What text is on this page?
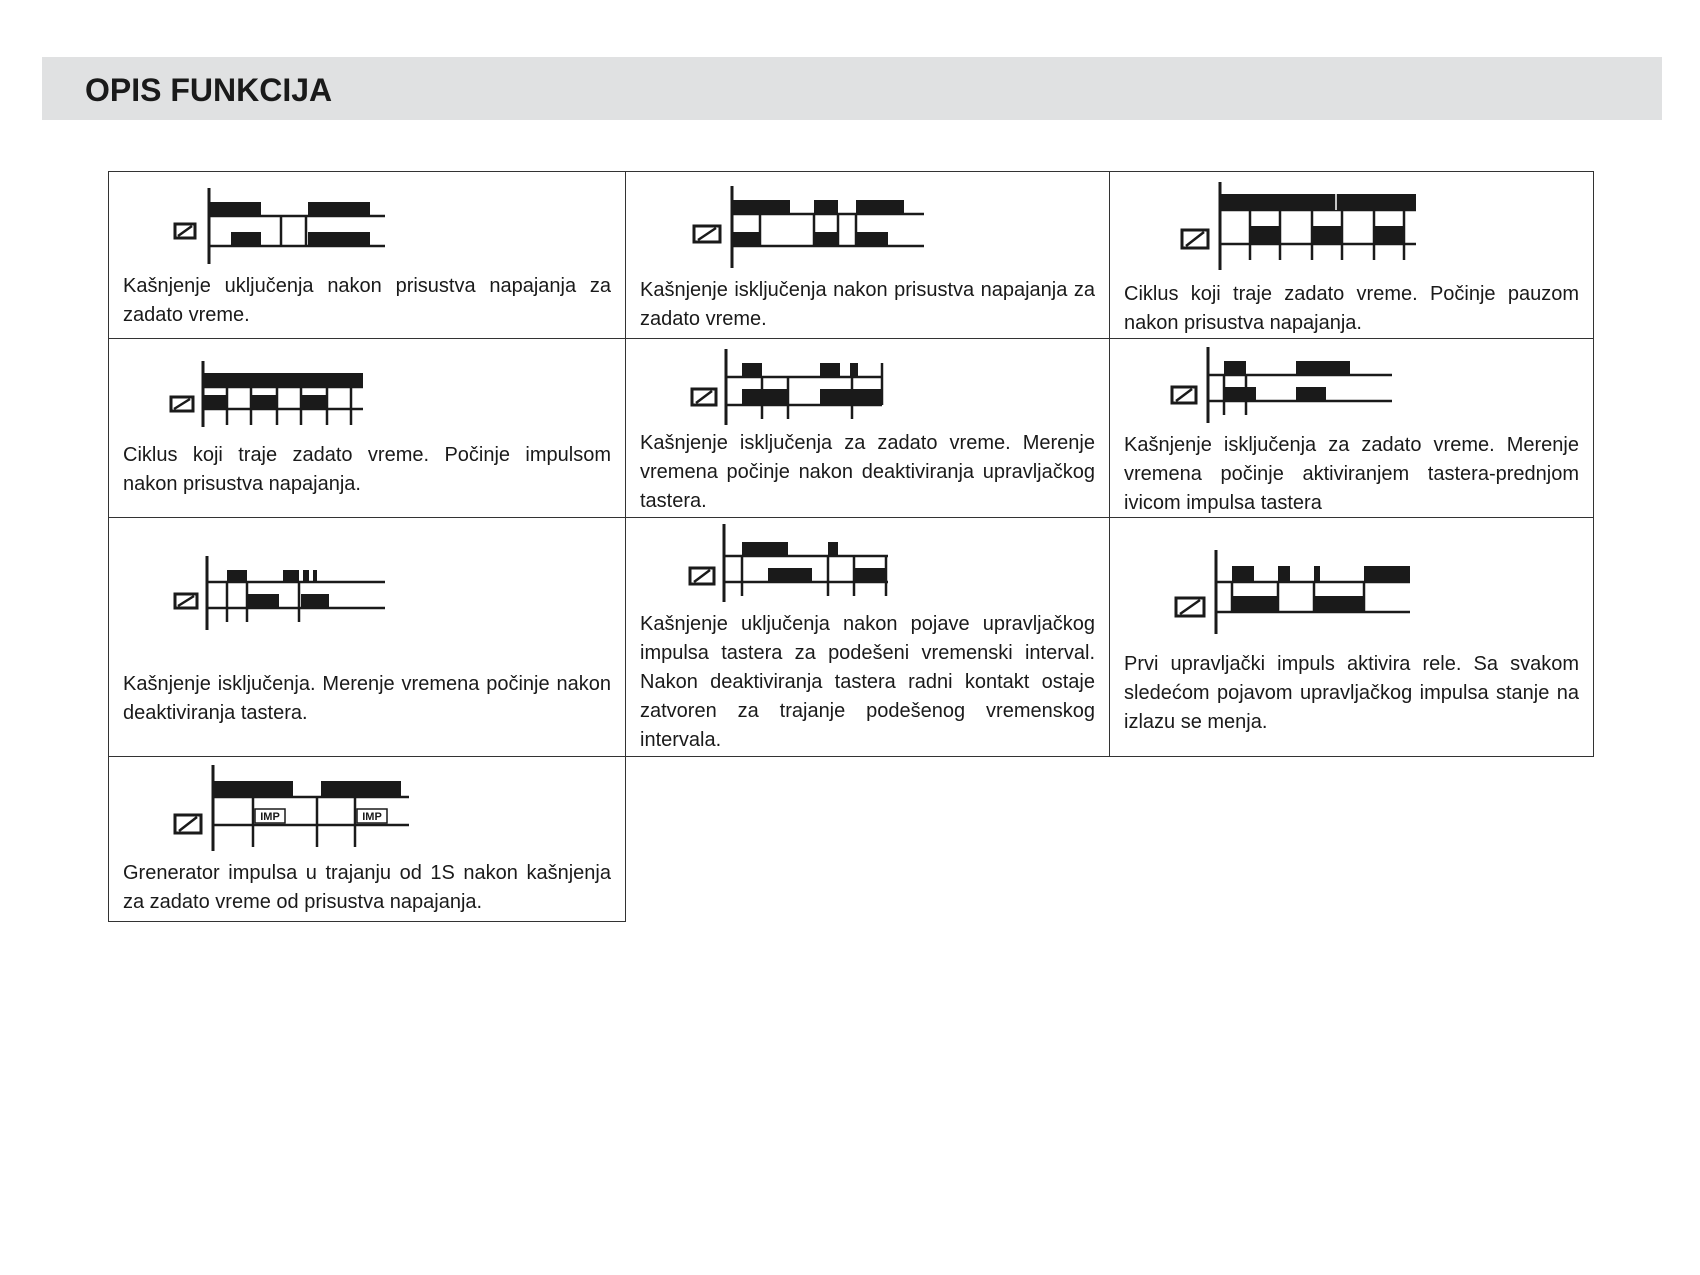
OPIS FUNKCIJA
Kašnjenje uključenja nakon prisustva napajanja za zadato vreme.	Kašnjenje isključenja nakon prisustva napajanja za zadato vreme.	Ciklus koji traje zadato vreme. Počinje pauzom nakon prisustva napajanja.

Ciklus koji traje zadato vreme. Počinje impulsom nakon prisustva napajanja.	Kašnjenje isključenja za zadato vreme. Merenje vremena počinje nakon deaktiviranja upravljačkog tastera.	Kašnjenje isključenja za zadato vreme. Merenje vremena počinje aktiviranjem tastera-prednjom ivicom impulsa tastera

Kašnjenje isključenja. Merenje vremena počinje nakon deaktiviranja tastera.	Kašnjenje uključenja nakon pojave upravljačkog impulsa tastera za podešeni vremenski interval. Nakon deaktiviranja tastera radni kontakt ostaje zatvoren za trajanje podešenog vremenskog intervala.	Prvi upravljački impuls aktivira rele. Sa svakom sledećom pojavom upravljačkog impulsa stanje na izlazu se menja.

IMP IMP
Grenerator impulsa u trajanju od 1S nakon kašnjenja za zadato vreme od prisustva napajanja.		
